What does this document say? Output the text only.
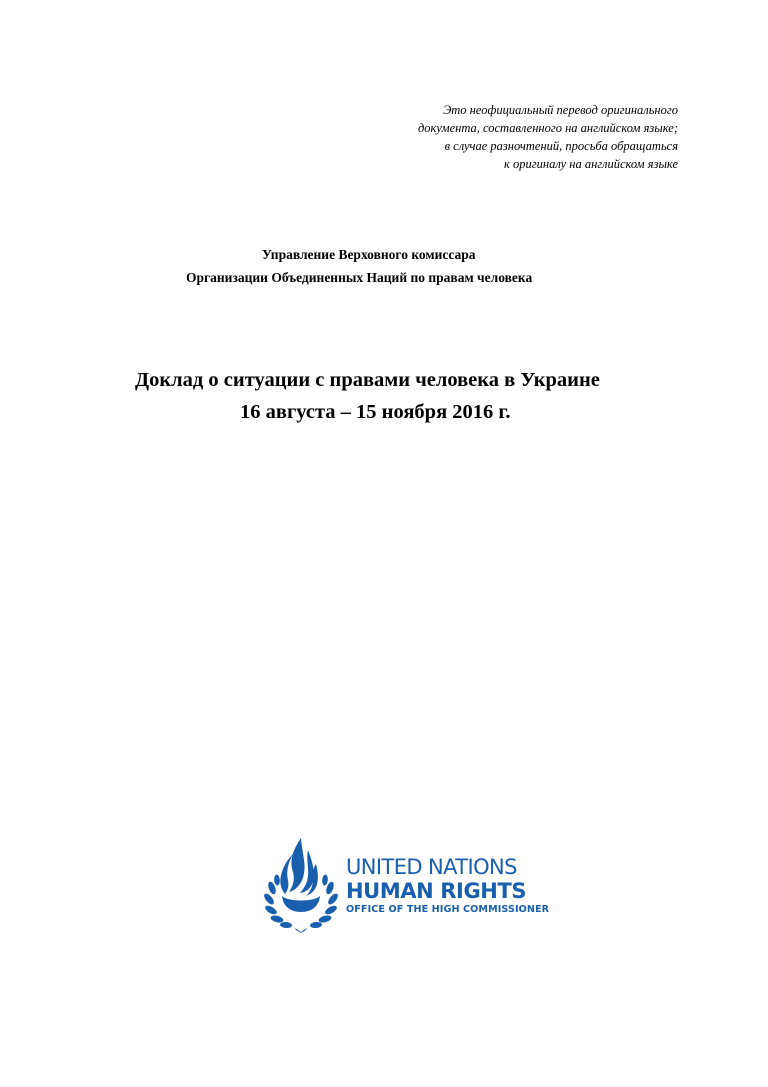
Это неофициальный перевод оригинального
документа, составленного на английском языке;
в случае разночтений, просьба обращаться
к оригиналу на английском языке
Управление Верховного комиссара
Организации Объединенных Наций по правам человека
Доклад о ситуации с правами человека в Украине
16 августа – 15 ноября 2016 г.
UNITED NATIONS
HUMAN RIGHTS
OFFICE OF THE HIGH COMMISSIONER
